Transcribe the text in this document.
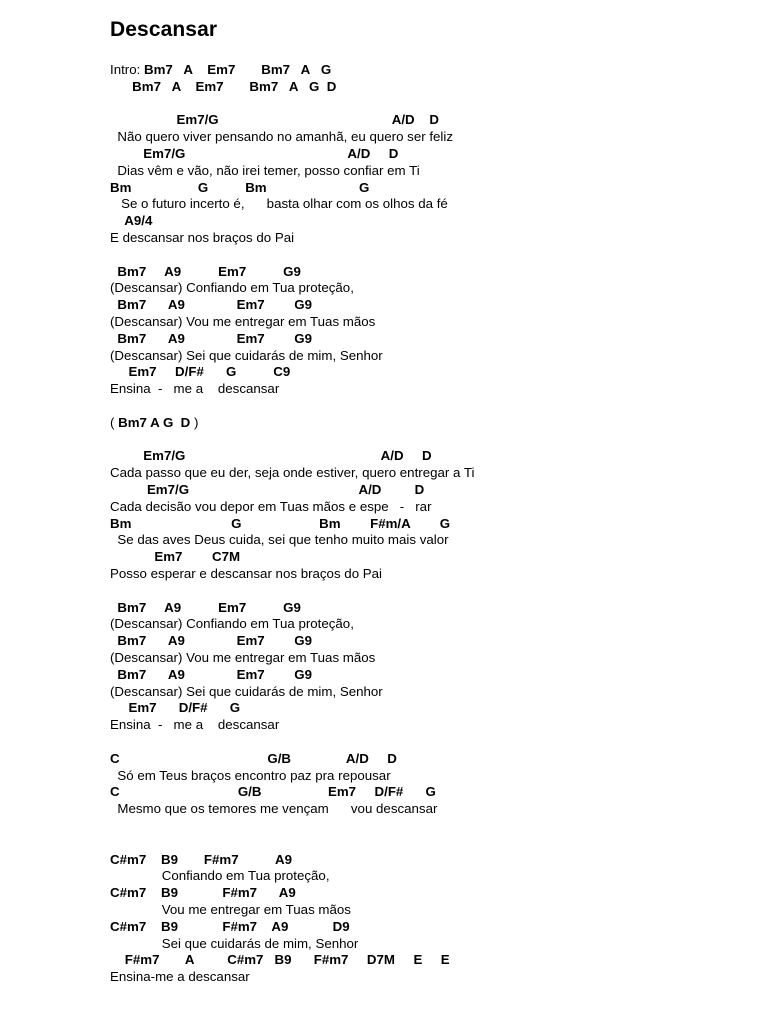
Descansar
Intro: Bm7   A    Em7       Bm7   A   G
Bm7   A    Em7       Bm7   A   G  D
Em7/G                                               A/D    D
Não quero viver pensando no amanhã, eu quero ser feliz
Em7/G                                            A/D     D
Dias vêm e vão, não irei temer, posso confiar em Ti
Bm                  G          Bm                         G
Se o futuro incerto é,      basta olhar com os olhos da fé
A9/4
E descansar nos braços do Pai
Bm7     A9          Em7          G9
(Descansar) Confiando em Tua proteção,
Bm7      A9              Em7        G9
(Descansar) Vou me entregar em Tuas mãos
Bm7      A9              Em7        G9
(Descansar) Sei que cuidarás de mim, Senhor
Em7     D/F#      G          C9
Ensina  -   me a    descansar
( Bm7 A G  D )
Em7/G                                                     A/D     D
Cada passo que eu der, seja onde estiver, quero entregar a Ti
Em7/G                                              A/D         D
Cada decisão vou depor em Tuas mãos e espe   -   rar
Bm                           G                     Bm        F#m/A        G
Se das aves Deus cuida, sei que tenho muito mais valor
Em7        C7M
Posso esperar e descansar nos braços do Pai
Bm7     A9          Em7          G9
(Descansar) Confiando em Tua proteção,
Bm7      A9              Em7        G9
(Descansar) Vou me entregar em Tuas mãos
Bm7      A9              Em7        G9
(Descansar) Sei que cuidarás de mim, Senhor
Em7      D/F#      G
Ensina  -   me a    descansar
C                                        G/B               A/D     D
Só em Teus braços encontro paz pra repousar
C                                G/B                  Em7     D/F#      G
Mesmo que os temores me vençam      vou descansar
C#m7    B9       F#m7          A9
Confiando em Tua proteção,
C#m7    B9            F#m7      A9
Vou me entregar em Tuas mãos
C#m7    B9            F#m7    A9            D9
Sei que cuidarás de mim, Senhor
F#m7       A         C#m7   B9      F#m7     D7M     E     E
Ensina-me a descansar
